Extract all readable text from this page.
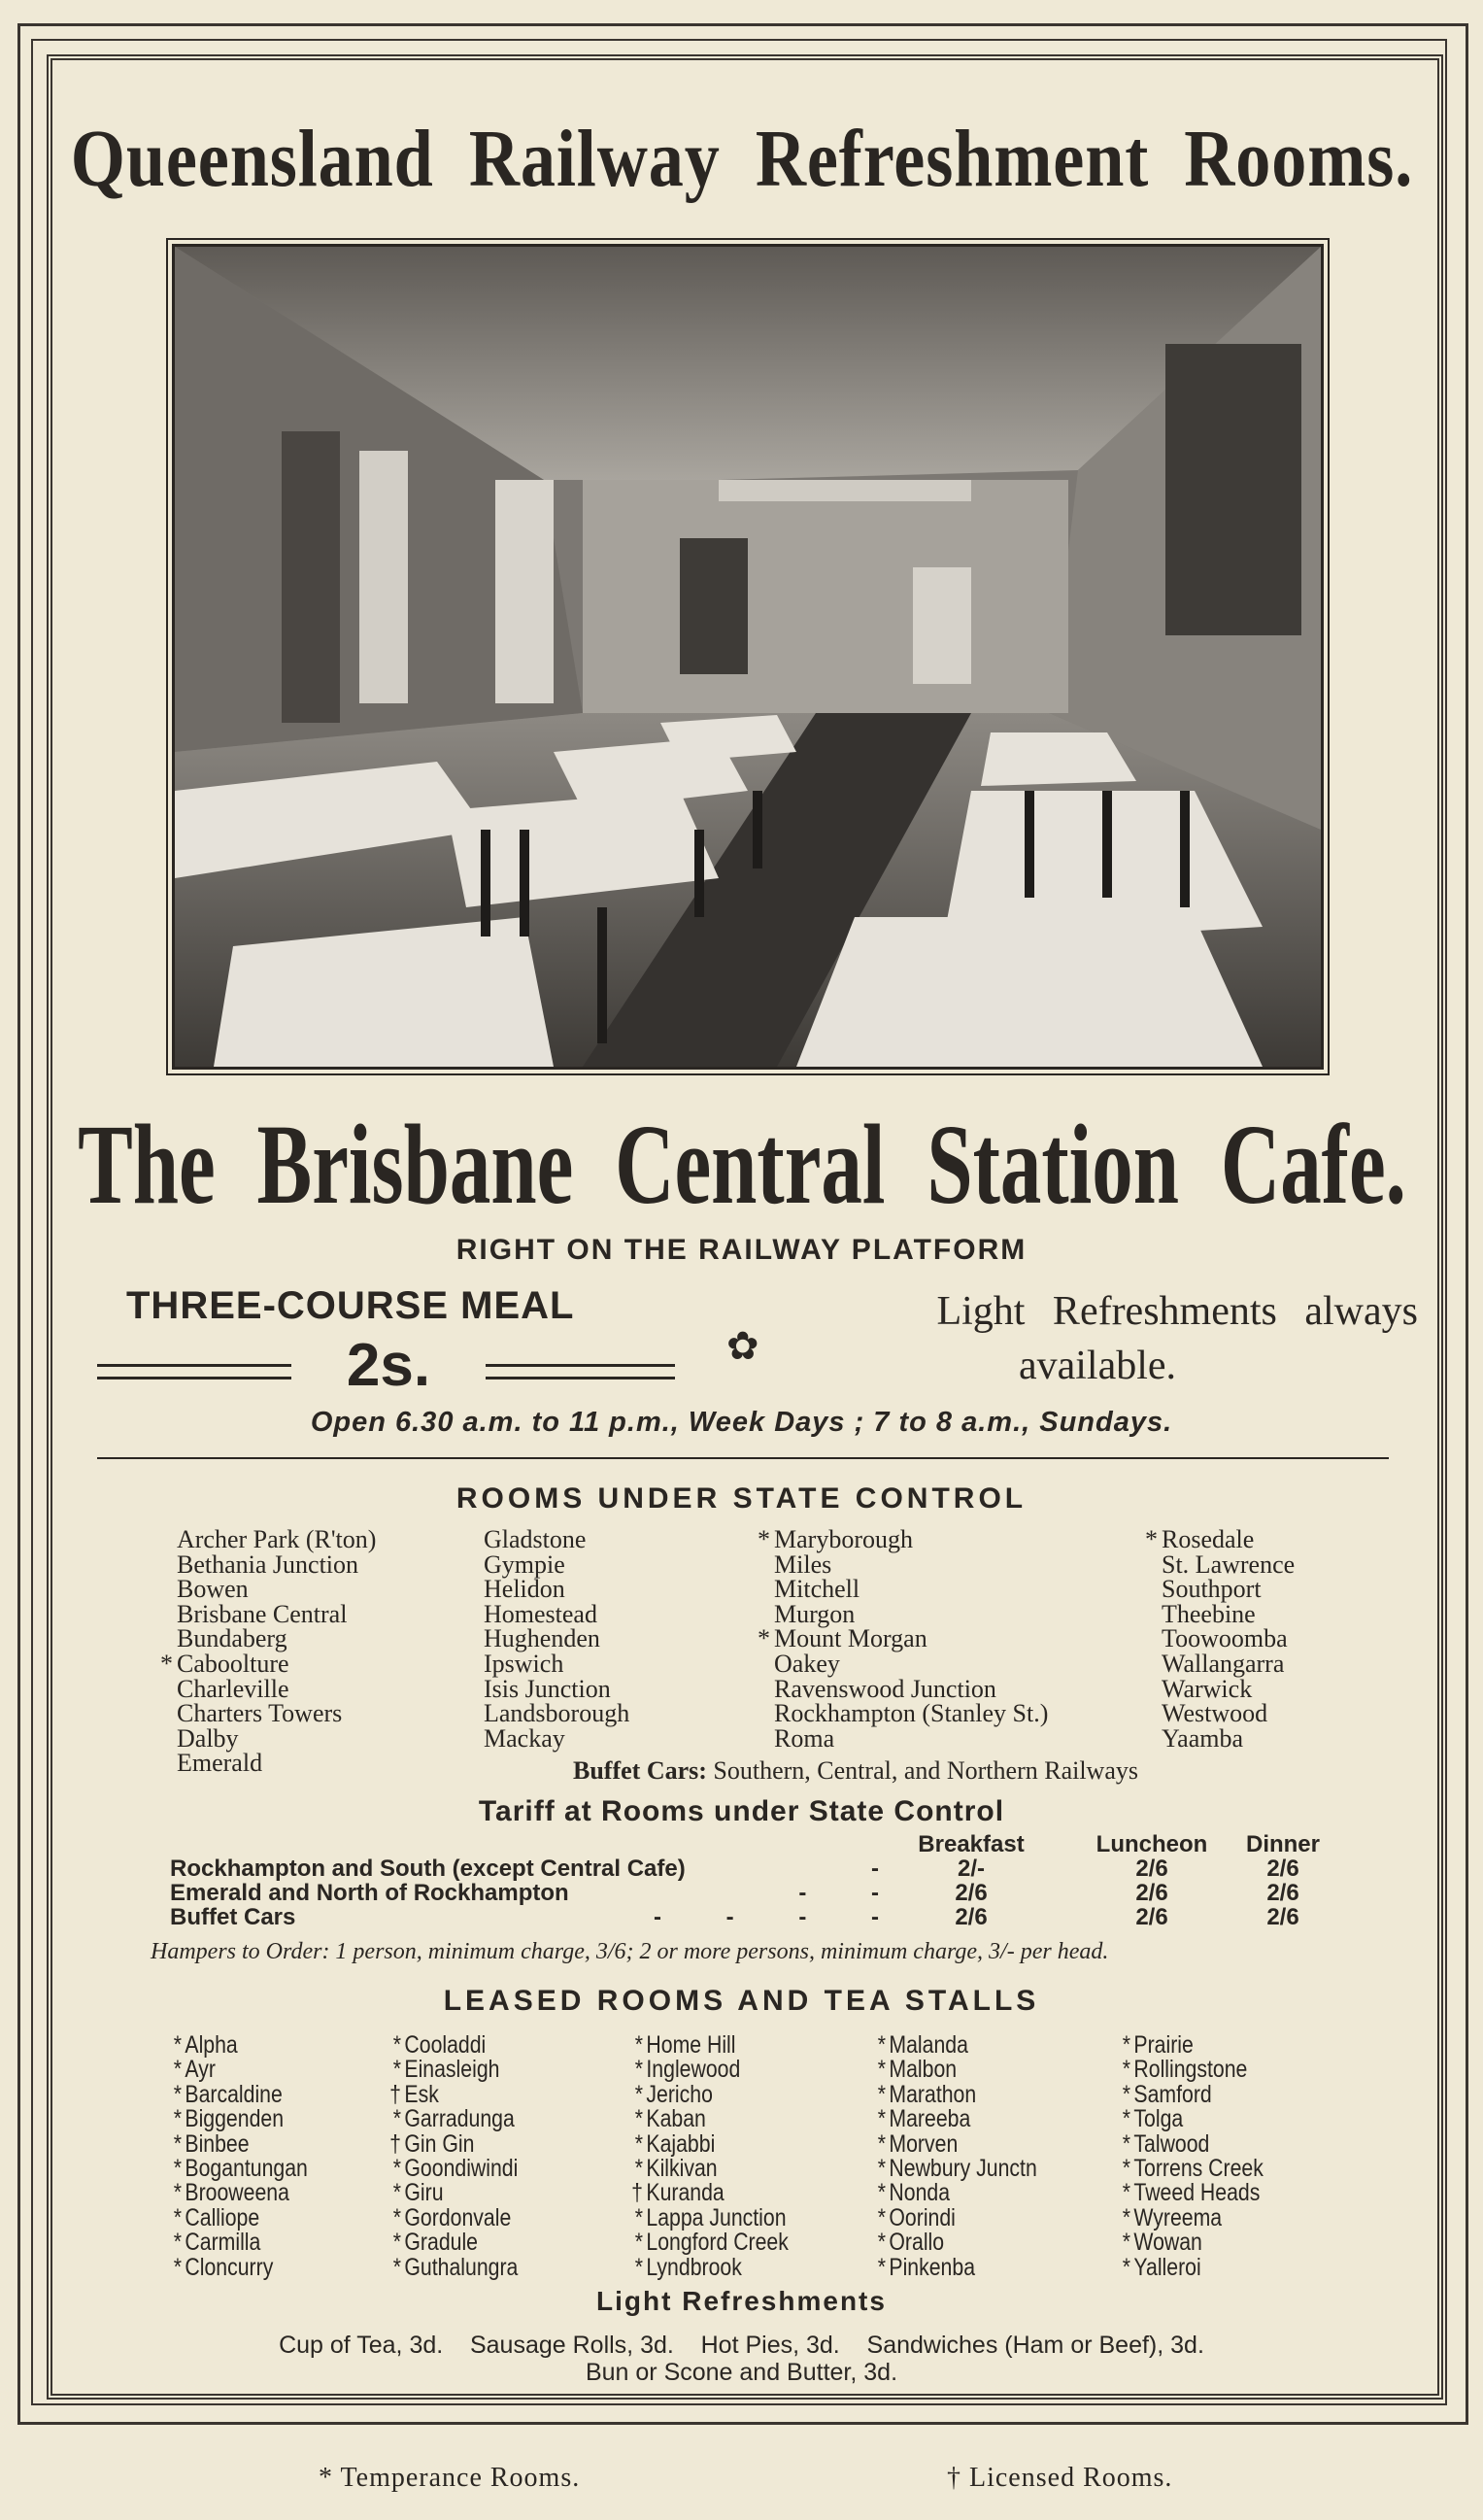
Queensland Railway Refreshment Rooms.
The Brisbane Central Station Cafe.
RIGHT ON THE RAILWAY PLATFORM
THREE-COURSE MEAL
2s.	✿
Light Refreshments always
available.
Open 6.30 a.m. to 11 p.m., Week Days ; 7 to 8 a.m., Sundays.
ROOMS UNDER STATE CONTROL
Archer Park (R'ton)
Bethania Junction
Bowen
Brisbane Central
Bundaberg
* Caboolture
Charleville
Charters Towers
Dalby
Emerald
Gladstone
Gympie
Helidon
Homestead
Hughenden
Ipswich
Isis Junction
Landsborough
Mackay
* Maryborough
Miles
Mitchell
Murgon
* Mount Morgan
Oakey
Ravenswood Junction
Rockhampton (Stanley St.)
Roma
* Rosedale
St. Lawrence
Southport
Theebine
Toowoomba
Wallangarra
Warwick
Westwood
Yaamba
Buffet Cars: Southern, Central, and Northern Railways
Tariff at Rooms under State Control
Breakfast	Luncheon	Dinner
Rockhampton and South (except Central Cafe)	-	2/-	2/6	2/6
Emerald and North of Rockhampton	-          -	2/6	2/6	2/6
Buffet Cars	-          -          -          -	2/6	2/6	2/6
Hampers to Order: 1 person, minimum charge, 3/6; 2 or more persons, minimum charge, 3/- per head.
LEASED ROOMS AND TEA STALLS
* Alpha
* Ayr
* Barcaldine
* Biggenden
* Binbee
* Bogantungan
* Brooweena
* Calliope
* Carmilla
* Cloncurry
* Cooladdi
* Einasleigh
† Esk
* Garradunga
† Gin Gin
* Goondiwindi
* Giru
* Gordonvale
* Gradule
* Guthalungra
* Home Hill
* Inglewood
* Jericho
* Kaban
* Kajabbi
* Kilkivan
† Kuranda
* Lappa Junction
* Longford Creek
* Lyndbrook
* Malanda
* Malbon
* Marathon
* Mareeba
* Morven
* Newbury Junctn
* Nonda
* Oorindi
* Orallo
* Pinkenba
* Prairie
* Rollingstone
* Samford
* Tolga
* Talwood
* Torrens Creek
* Tweed Heads
* Wyreema
* Wowan
* Yalleroi
Light Refreshments
Cup of Tea, 3d.    Sausage Rolls, 3d.    Hot Pies, 3d.    Sandwiches (Ham or Beef), 3d.
Bun or Scone and Butter, 3d.
* Temperance Rooms.	† Licensed Rooms.
